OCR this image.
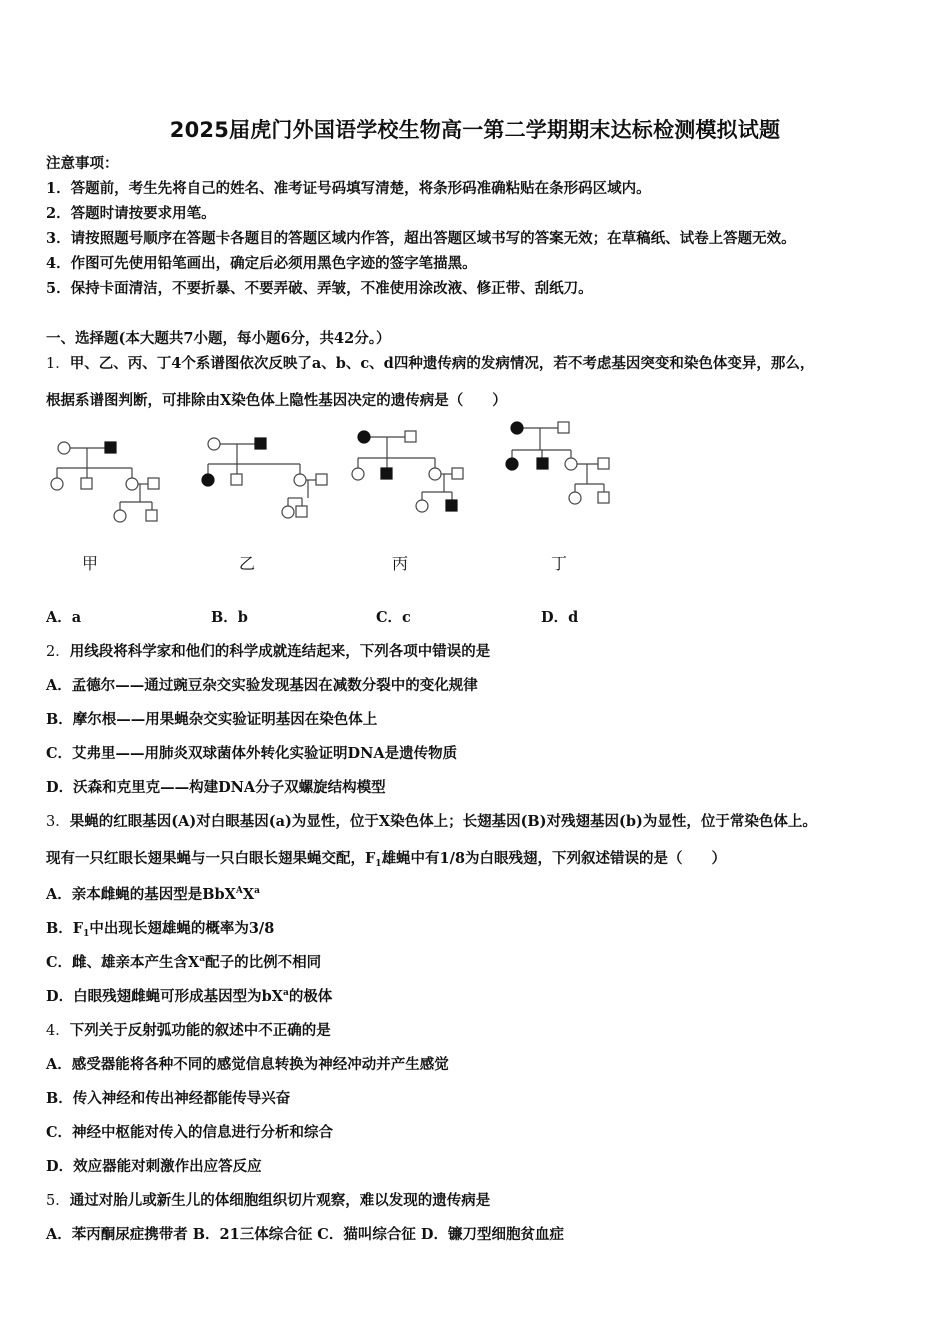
2025届虎门外国语学校生物高一第二学期期末达标检测模拟试题
注意事项：
1．答题前，考生先将自己的姓名、准考证号码填写清楚，将条形码准确粘贴在条形码区域内。
2．答题时请按要求用笔。
3．请按照题号顺序在答题卡各题目的答题区域内作答，超出答题区域书写的答案无效；在草稿纸、试卷上答题无效。
4．作图可先使用铅笔画出，确定后必须用黑色字迹的签字笔描黑。
5．保持卡面清洁，不要折暴、不要弄破、弄皱，不准使用涂改液、修正带、刮纸刀。
一、选择题(本大题共7小题，每小题6分，共42分。）
1．甲、乙、丙、丁4个系谱图依次反映了a、b、c、d四种遗传病的发病情况，若不考虑基因突变和染色体变异，那么，
根据系谱图判断，可排除由X染色体上隐性基因决定的遗传病是（　　）
甲	乙	丙	丁
A．a	B．b	C．c	D．d
2．用线段将科学家和他们的科学成就连结起来，下列各项中错误的是
A．孟德尔——通过豌豆杂交实验发现基因在减数分裂中的变化规律
B．摩尔根——用果蝇杂交实验证明基因在染色体上
C．艾弗里——用肺炎双球菌体外转化实验证明DNA是遗传物质
D．沃森和克里克——构建DNA分子双螺旋结构模型
3．果蝇的红眼基因(A)对白眼基因(a)为显性，位于X染色体上；长翅基因(B)对残翅基因(b)为显性，位于常染色体上。
现有一只红眼长翅果蝇与一只白眼长翅果蝇交配，$F_1$雄蝇中有1/8为白眼残翅，下列叙述错误的是（　　）
A．亲本雌蝇的基因型是$BbX^AX^a$
B．$F_1$中出现长翅雄蝇的概率为3/8
C．雌、雄亲本产生含$X^a$配子的比例不相同
D．白眼残翅雌蝇可形成基因型为$bX^a$的极体
4．下列关于反射弧功能的叙述中不正确的是
A．感受器能将各种不同的感觉信息转换为神经冲动并产生感觉
B．传入神经和传出神经都能传导兴奋
C．神经中枢能对传入的信息进行分析和综合
D．效应器能对刺激作出应答反应
5．通过对胎儿或新生儿的体细胞组织切片观察，难以发现的遗传病是
A．苯丙酮尿症携带者 B．21三体综合征 C．猫叫综合征 D．镰刀型细胞贫血症
